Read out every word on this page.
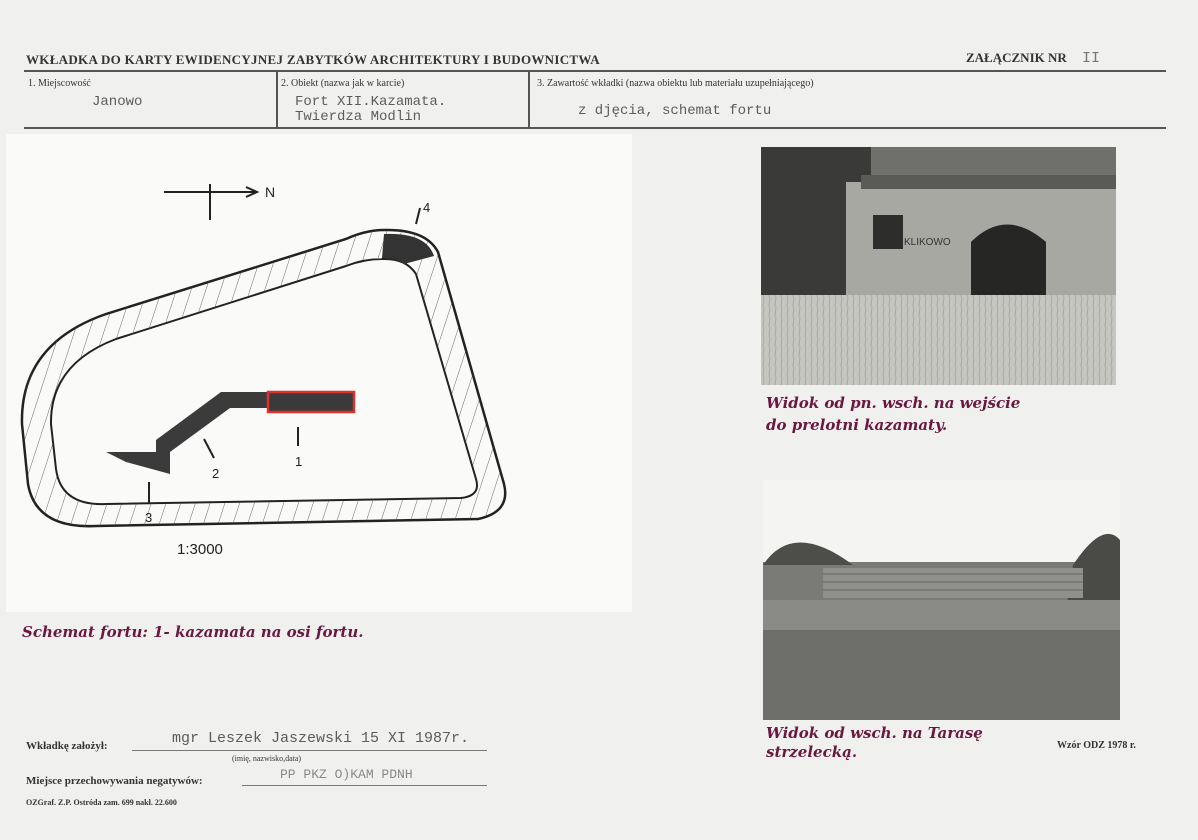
WKŁADKA DO KARTY EWIDENCYJNEJ ZABYTKÓW ARCHITEKTURY I BUDOWNICTWA	ZAŁĄCZNIK NR II
1. Miejscowość
Janowo
2. Obiekt (nazwa jak w karcie)
Fort XII.Kazamata.
Twierdza Modlin
3. Zawartość wkładki (nazwa obiektu lub materiału uzupełniającego)
z djęcia, schemat fortu
N
4
1
2
3
1:3000
Schemat fortu: 1- kazamata na osi fortu.
KLIKOWO
Widok od pn. wsch. na wejście
do prelotni kazamaty.
Widok od wsch. na Tarasę
strzelecką.
Wkładkę założył:	mgr Leszek Jaszewski 15 XI 1987r.
(imię, nazwisko,data)
Miejsce przechowywania negatywów:	PP PKZ O)KAM PDNH
OZGraf. Z.P. Ostróda zam. 699 nakł. 22.600
Wzór ODZ 1978 r.
